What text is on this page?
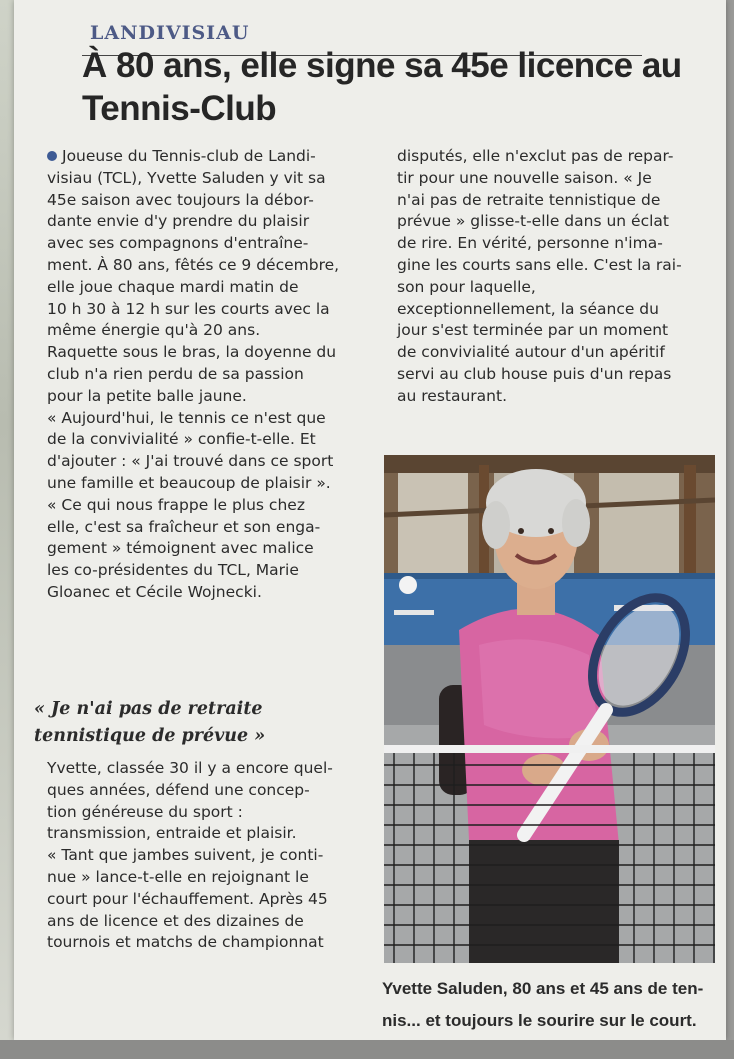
LANDIVISIAU
À 80 ans, elle signe sa 45e licence au Tennis-Club
Joueuse du Tennis-club de Landi-
visiau (TCL), Yvette Saluden y vit sa
45e saison avec toujours la débor-
dante envie d'y prendre du plaisir
avec ses compagnons d'entraîne-
ment. À 80 ans, fêtés ce 9 décembre,
elle joue chaque mardi matin de
10 h 30 à 12 h sur les courts avec la
même énergie qu'à 20 ans.
Raquette sous le bras, la doyenne du
club n'a rien perdu de sa passion
pour la petite balle jaune.
« Aujourd'hui, le tennis ce n'est que
de la convivialité » confie-t-elle. Et
d'ajouter : « J'ai trouvé dans ce sport
une famille et beaucoup de plaisir ».
« Ce qui nous frappe le plus chez
elle, c'est sa fraîcheur et son enga-
gement » témoignent avec malice
les co-présidentes du TCL, Marie
Gloanec et Cécile Wojnecki.
« Je n'ai pas de retraite tennistique de prévue »
Yvette, classée 30 il y a encore quel-
ques années, défend une concep-
tion généreuse du sport :
transmission, entraide et plaisir.
« Tant que jambes suivent, je conti-
nue » lance-t-elle en rejoignant le
court pour l'échauffement. Après 45
ans de licence et des dizaines de
tournois et matchs de championnat
disputés, elle n'exclut pas de repar-
tir pour une nouvelle saison. « Je
n'ai pas de retraite tennistique de
prévue » glisse-t-elle dans un éclat
de rire. En vérité, personne n'ima-
gine les courts sans elle. C'est la rai-
son pour laquelle,
exceptionnellement, la séance du
jour s'est terminée par un moment
de convivialité autour d'un apéritif
servi au club house puis d'un repas
au restaurant.
Yvette Saluden, 80 ans et 45 ans de ten-
nis... et toujours le sourire sur le court.
